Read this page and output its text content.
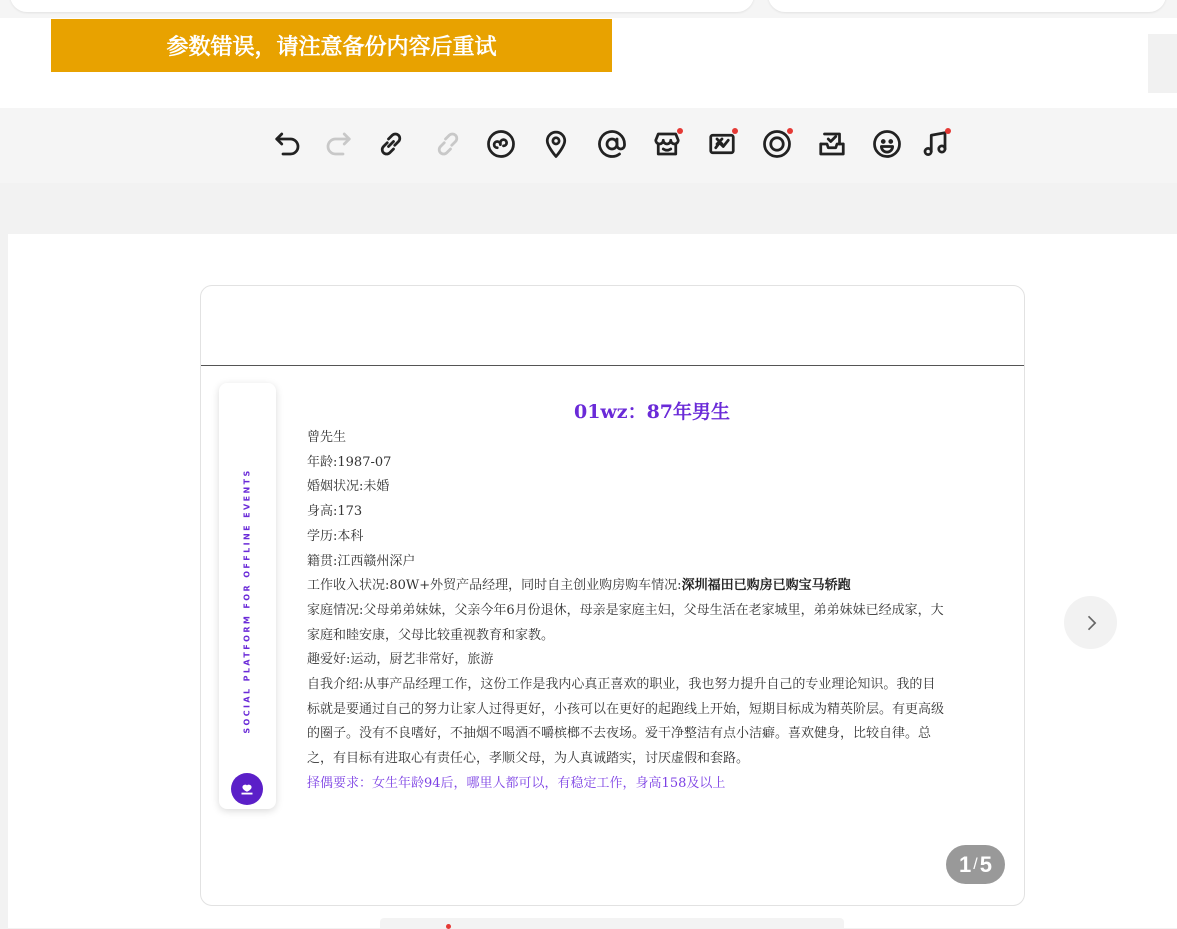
参数错误，请注意备份内容后重试
SOCIAL PLATFORM FOR OFFLINE EVENTS

01wz：87年男生

曾先生

年龄:1987-07

婚姻状况:未婚

身高:173

学历:本科

籍贯:江西赣州深户

工作收入状况:80W+外贸产品经理，同时自主创业购房购车情况:深圳福田已购房已购宝马轿跑

家庭情况:父母弟弟妹妹，父亲今年6月份退休，母亲是家庭主妇，父母生活在老家城里，弟弟妹妹已经成家，大家庭和睦安康，父母比较重视教育和家教。

趣爱好:运动，厨艺非常好，旅游

自我介绍:从事产品经理工作，这份工作是我内心真正喜欢的职业，我也努力提升自己的专业理论知识。我的目标就是要通过自己的努力让家人过得更好，小孩可以在更好的起跑线上开始，短期目标成为精英阶层。有更高级的圈子。没有不良嗜好，不抽烟不喝酒不嚼槟榔不去夜场。爱干净整洁有点小洁癖。喜欢健身，比较自律。总之，有目标有进取心有责任心，孝顺父母，为人真诚踏实，讨厌虚假和套路。

择偶要求：女生年龄94后，哪里人都可以，有稳定工作，身高158及以上

1 / 5
